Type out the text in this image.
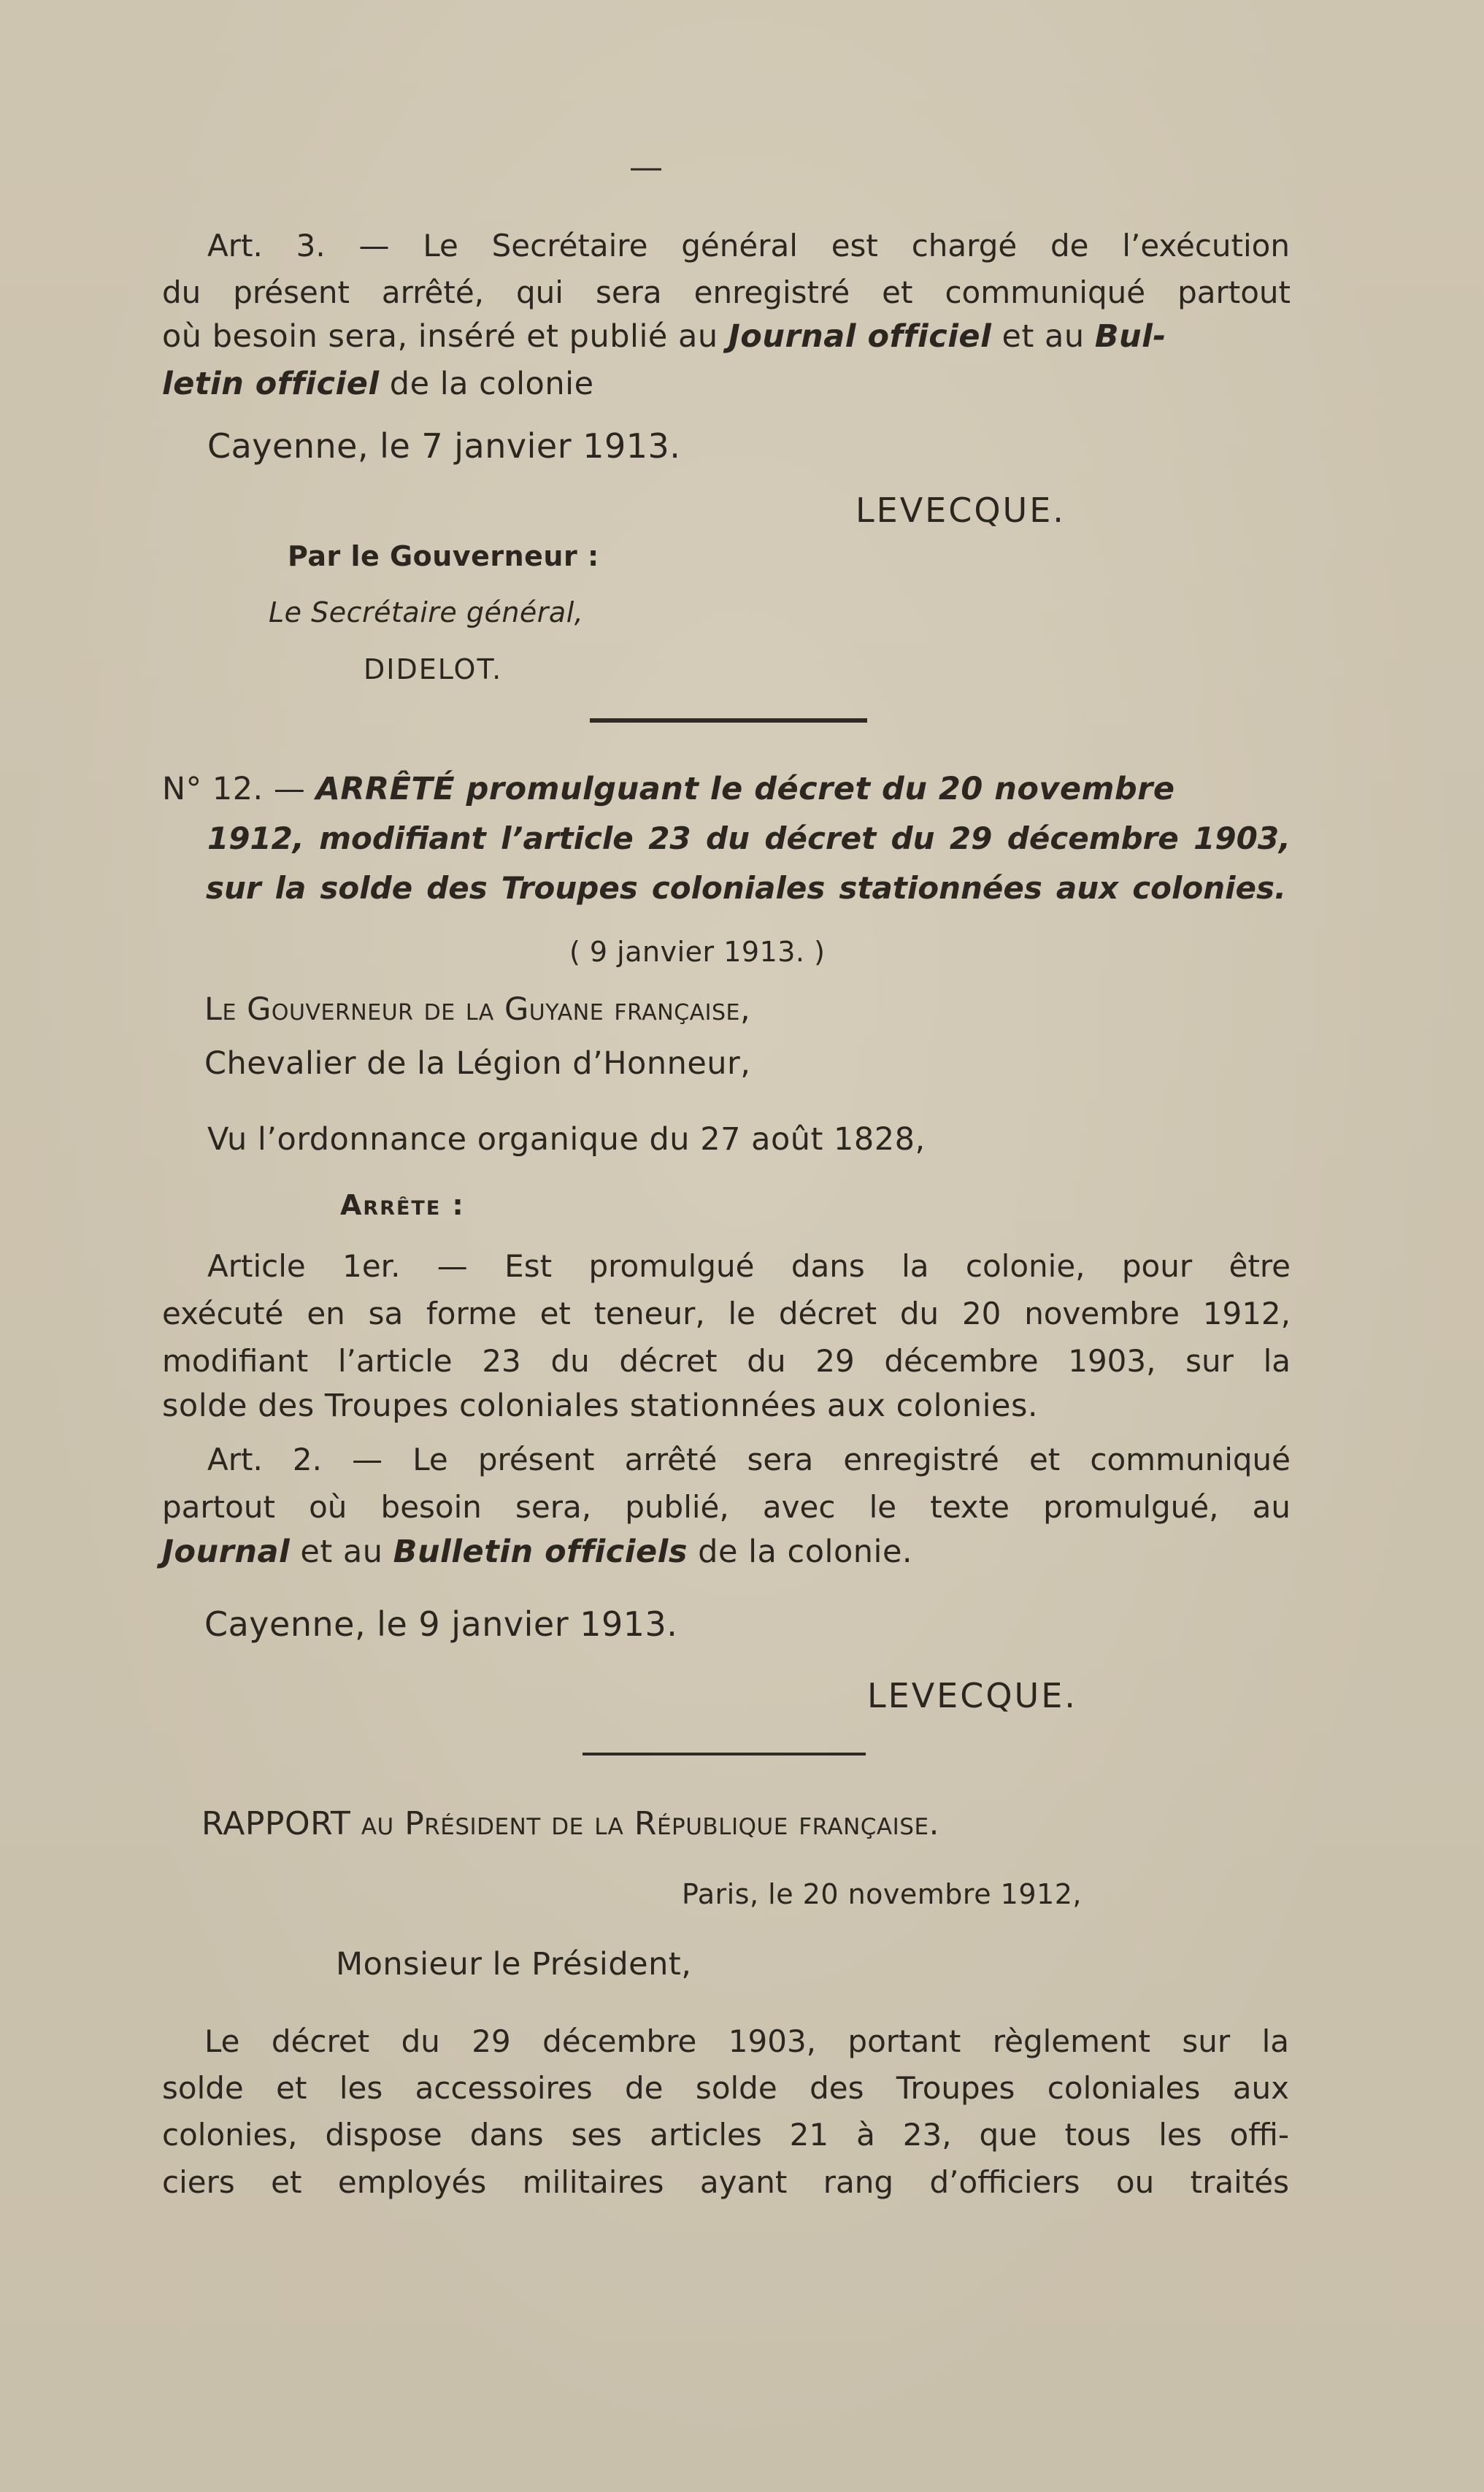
—
Art. 3. — Le Secrétaire général est chargé de l’exécution
du présent arrêté, qui sera enregistré et communiqué partout
où besoin sera, inséré et publié au Journal officiel et au Bul-
letin officiel de la colonie
Cayenne, le 7 janvier 1913.
LEVECQUE.
Par le Gouverneur :
Le Secrétaire général,
DIDELOT.
N° 12. — ARRÊTÉ promulguant le décret du 20 novembre
1912, modifiant l’article 23 du décret du 29 décembre 1903,
sur la solde des Troupes coloniales stationnées aux colonies.
( 9 janvier 1913. )
Le Gouverneur de la Guyane française,
Chevalier de la Légion d’Honneur,
Vu l’ordonnance organique du 27 août 1828,
Arrête :
Article 1er. — Est promulgué dans la colonie, pour être
exécuté en sa forme et teneur, le décret du 20 novembre 1912,
modifiant l’article 23 du décret du 29 décembre 1903, sur la
solde des Troupes coloniales stationnées aux colonies.
Art. 2. — Le présent arrêté sera enregistré et communiqué
partout où besoin sera, publié, avec le texte promulgué, au
Journal et au Bulletin officiels de la colonie.
Cayenne, le 9 janvier 1913.
LEVECQUE.
RAPPORT au Président de la République française.
Paris, le 20 novembre 1912,
Monsieur le Président,
Le décret du 29 décembre 1903, portant règlement sur la
solde et les accessoires de solde des Troupes coloniales aux
colonies, dispose dans ses articles 21 à 23, que tous les offi-
ciers et employés militaires ayant rang d’officiers ou traités
